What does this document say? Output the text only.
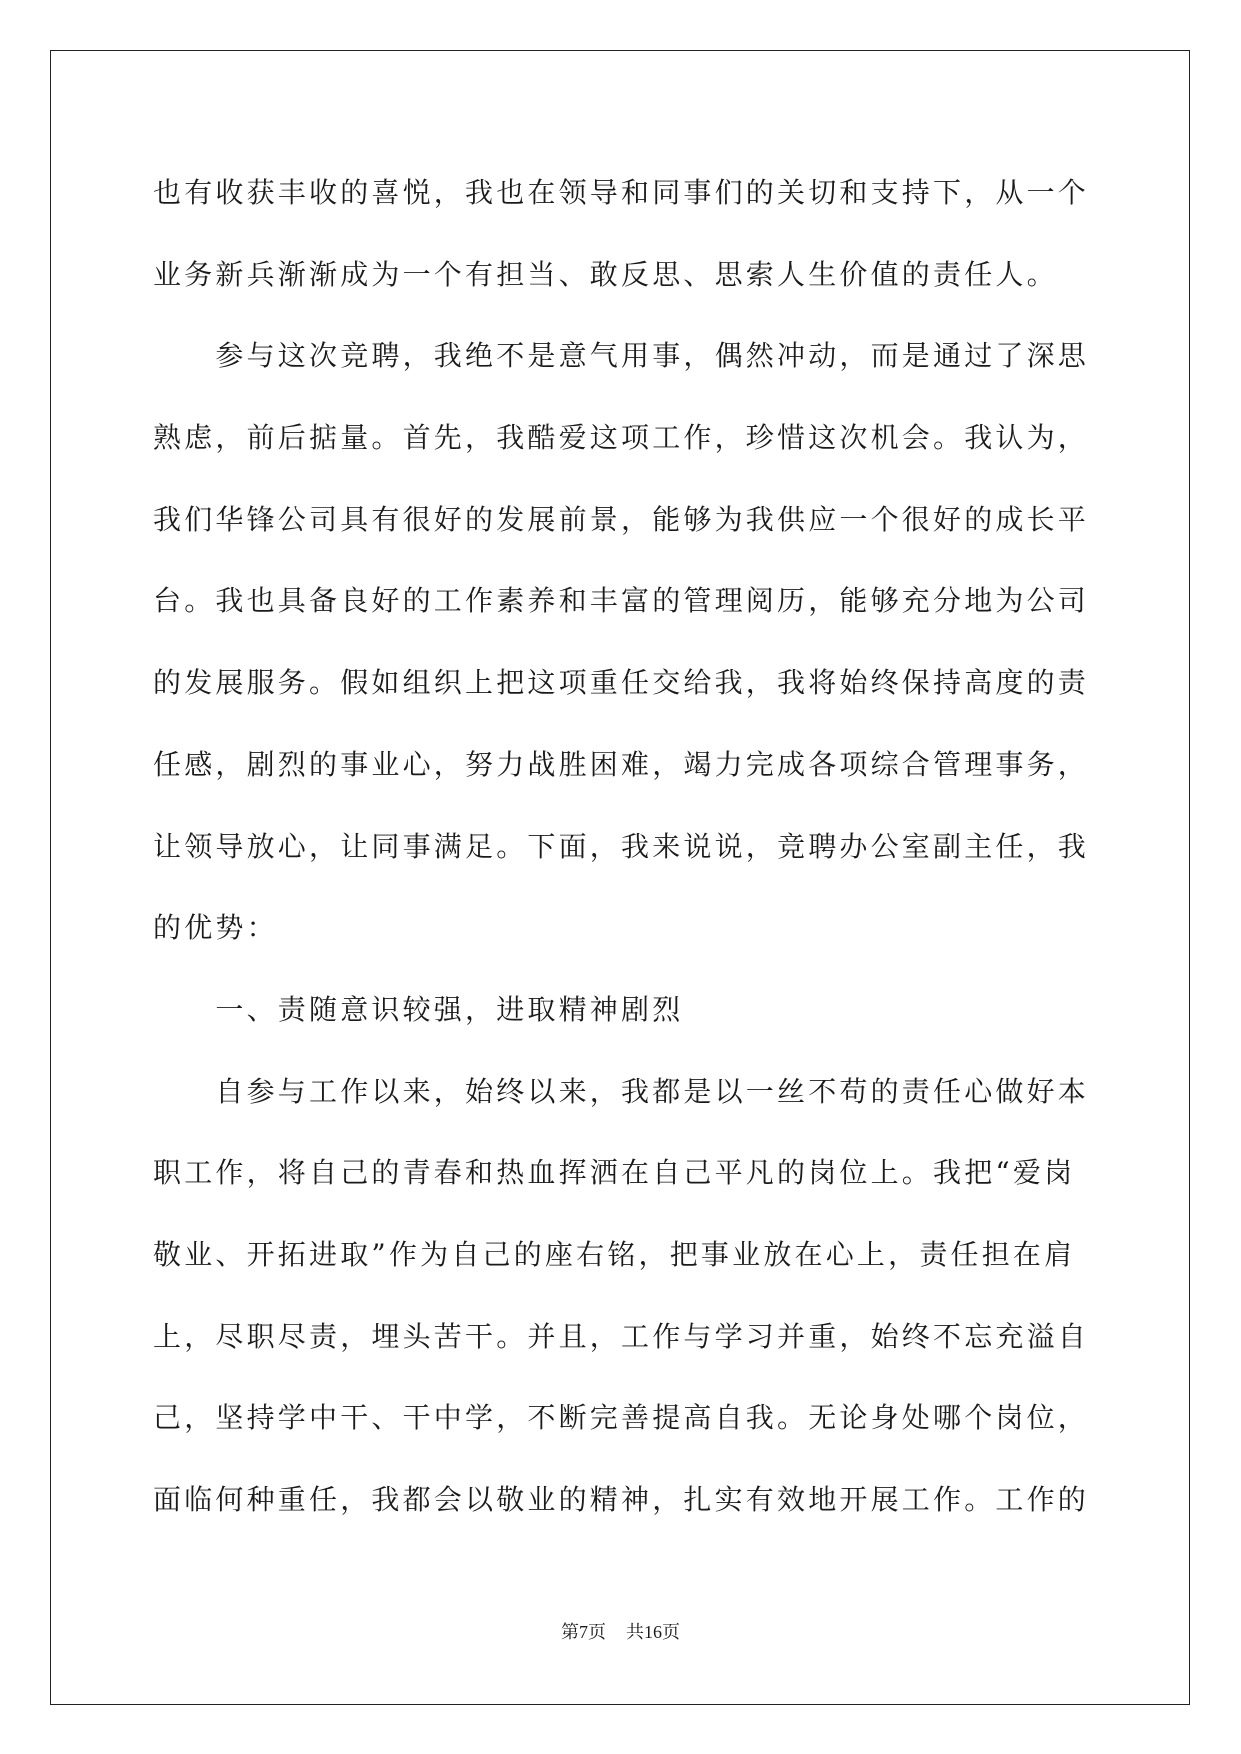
也有收获丰收的喜悦，我也在领导和同事们的关切和支持下，从一个
业务新兵渐渐成为一个有担当、敢反思、思索人生价值的责任人。
参与这次竞聘，我绝不是意气用事，偶然冲动，而是通过了深思
熟虑，前后掂量。首先，我酷爱这项工作，珍惜这次机会。我认为，
我们华锋公司具有很好的发展前景，能够为我供应一个很好的成长平
台。我也具备良好的工作素养和丰富的管理阅历，能够充分地为公司
的发展服务。假如组织上把这项重任交给我，我将始终保持高度的责
任感，剧烈的事业心，努力战胜困难，竭力完成各项综合管理事务，
让领导放心，让同事满足。下面，我来说说，竞聘办公室副主任，我
的优势：
一、责随意识较强，进取精神剧烈
自参与工作以来，始终以来，我都是以一丝不苟的责任心做好本
职工作，将自己的青春和热血挥洒在自己平凡的岗位上。我把“爱岗
敬业、开拓进取”作为自己的座右铭，把事业放在心上，责任担在肩
上，尽职尽责，埋头苦干。并且，工作与学习并重，始终不忘充溢自
己，坚持学中干、干中学，不断完善提高自我。无论身处哪个岗位，
面临何种重任，我都会以敬业的精神，扎实有效地开展工作。工作的
第7页 共16页
